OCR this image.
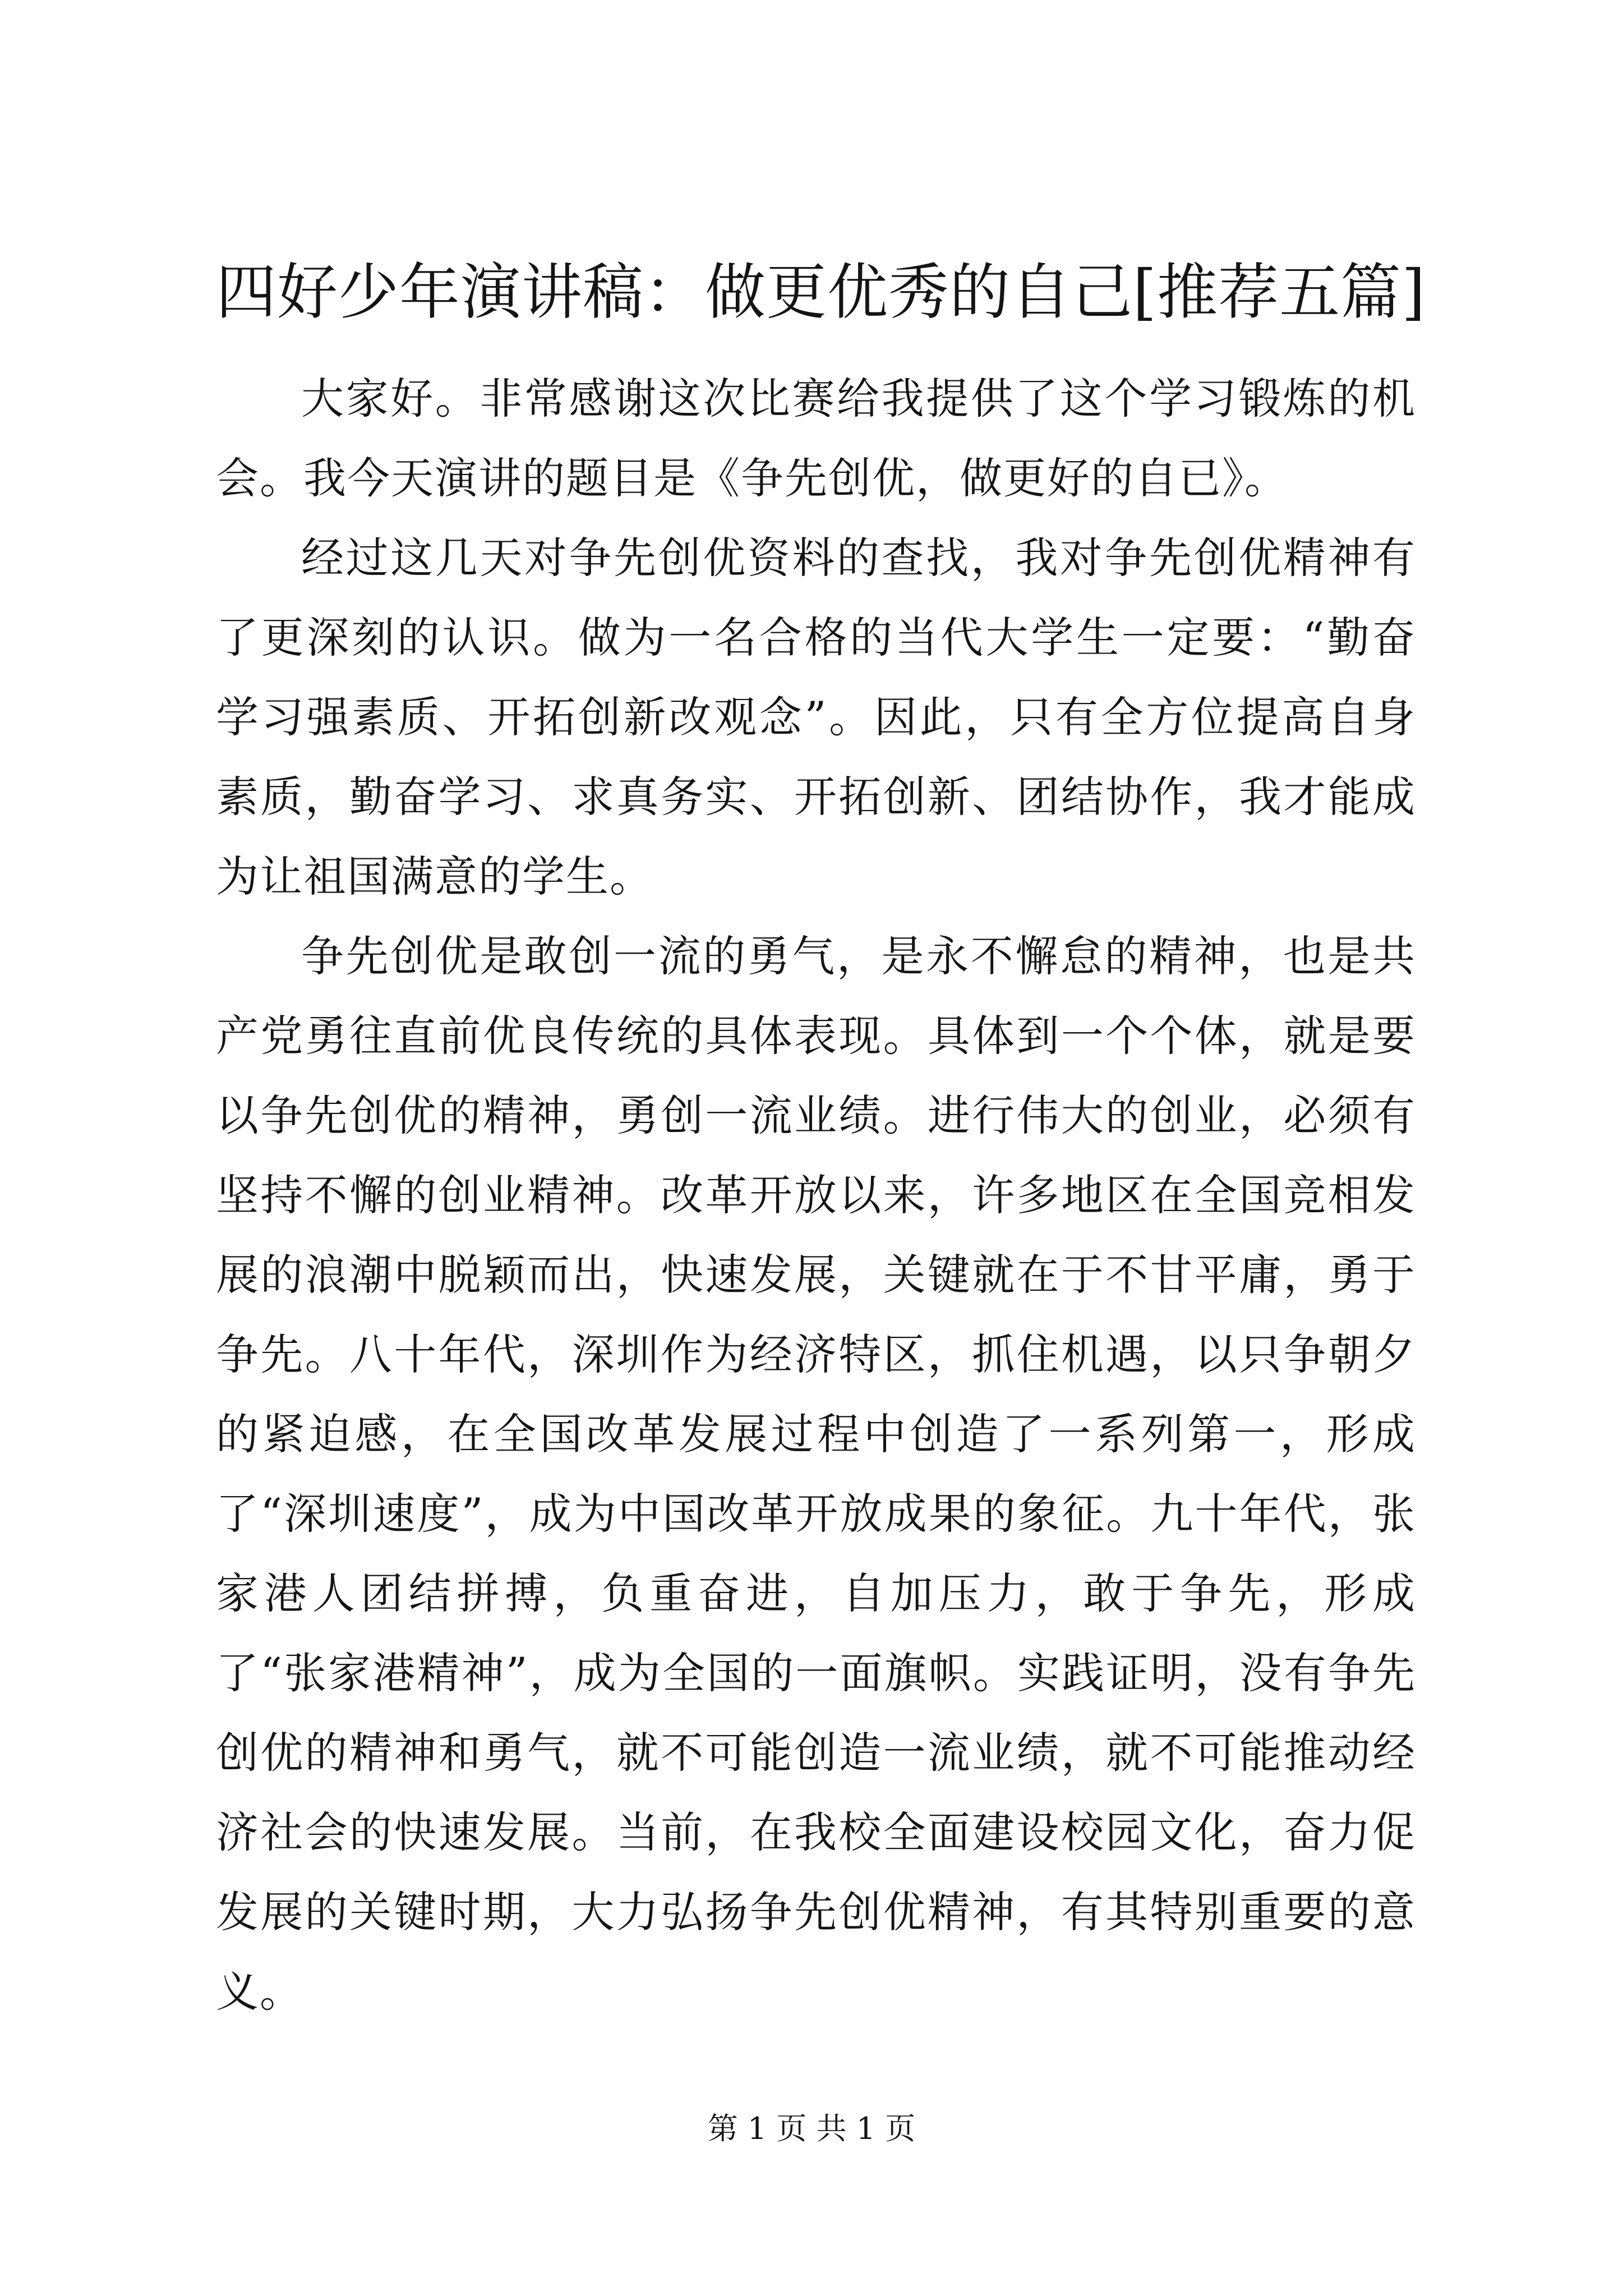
四好少年演讲稿：做更优秀的自己[推荐五篇]

大家好。非常感谢这次比赛给我提供了这个学习锻炼的机会。我今天演讲的题目是《争先创优，做更好的自已》。

经过这几天对争先创优资料的查找，我对争先创优精神有了更深刻的认识。做为一名合格的当代大学生一定要：“勤奋学习强素质、开拓创新改观念”。因此，只有全方位提高自身素质，勤奋学习、求真务实、开拓创新、团结协作，我才能成为让祖国满意的学生。

争先创优是敢创一流的勇气，是永不懈怠的精神，也是共产党勇往直前优良传统的具体表现。具体到一个个体，就是要以争先创优的精神，勇创一流业绩。进行伟大的创业，必须有坚持不懈的创业精神。改革开放以来，许多地区在全国竞相发展的浪潮中脱颖而出，快速发展，关键就在于不甘平庸，勇于争先。八十年代，深圳作为经济特区，抓住机遇，以只争朝夕的紧迫感，在全国改革发展过程中创造了一系列第一，形成了“深圳速度”，成为中国改革开放成果的象征。九十年代，张家港人团结拼搏，负重奋进，自加压力，敢于争先，形成了“张家港精神”，成为全国的一面旗帜。实践证明，没有争先创优的精神和勇气，就不可能创造一流业绩，就不可能推动经济社会的快速发展。当前，在我校全面建设校园文化，奋力促发展的关键时期，大力弘扬争先创优精神，有其特别重要的意义。

第 1 页 共 1 页
